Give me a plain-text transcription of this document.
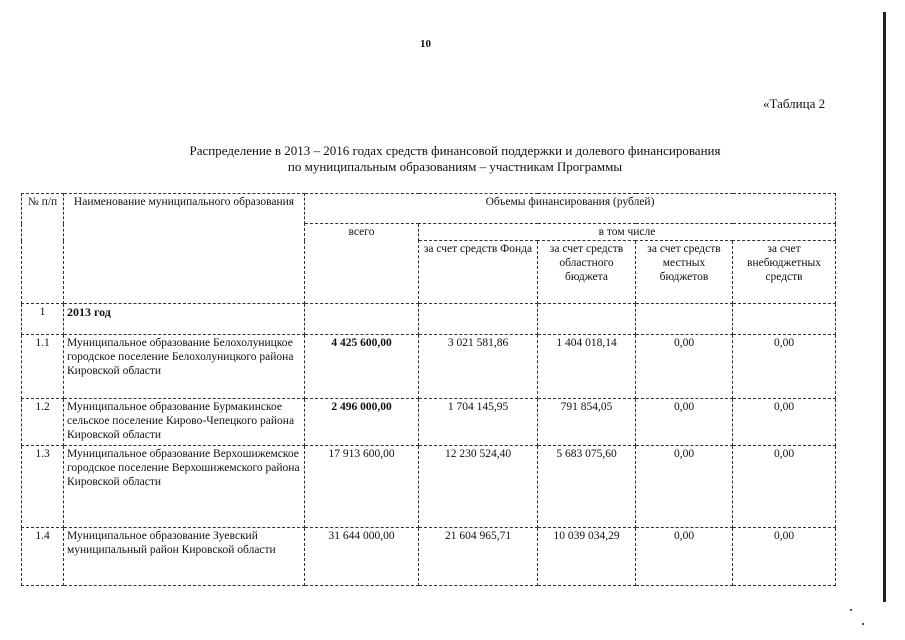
10
«Таблица 2
Распределение в 2013 – 2016 годах средств финансовой поддержки и долевого финансирования
по муниципальным образованиям – участникам Программы
№ п/п	Наименование муниципального образования	Объемы финансирования (рублей)				
		всего	в том числе			
			за счет средств Фонда	за счет средств областного бюджета	за счет средств местных бюджетов	за счет внебюджетных средств
1	2013 год					
1.1	Муниципальное образование Белохолуницкое городское поселение Белохолуницкого района Кировской области	4 425 600,00	3 021 581,86	1 404 018,14	0,00	0,00
1.2	Муниципальное образование Бурмакинское сельское поселение Кирово-Чепецкого района Кировской области	2 496 000,00	1 704 145,95	791 854,05	0,00	0,00
1.3	Муниципальное образование Верхошижемское городское поселение Верхошижемского района Кировской области	17 913 600,00	12 230 524,40	5 683 075,60	0,00	0,00
1.4	Муниципальное образование Зуевский муниципальный район Кировской области	31 644 000,00	21 604 965,71	10 039 034,29	0,00	0,00
